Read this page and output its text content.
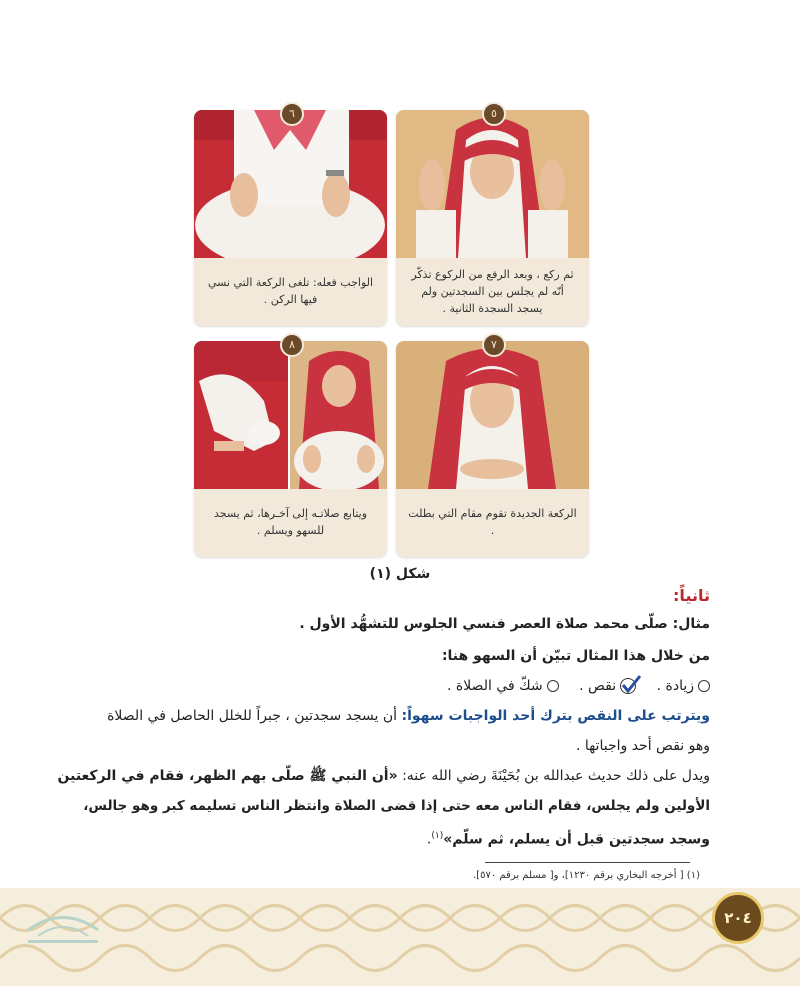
٦
الواجب فعله: تلغى الركعة التي نسي فيها الركن .
٥
ثم ركع ، وبعد الرفع من الركوع تذكّر أنّه لم يجلس بين السجدتين ولم يسجد السجدة الثانية .
٨
ويتابع صلاتـه إلى آخـرها، ثم يسجد للسهو ويسلم .
٧
الركعة الجديدة تقوم مقام التي بطلت .
شكل (١)
ثانياً:
مثال: صلّى محمد صلاة العصر فنسي الجلوس للتشهُّد الأول .
من خلال هذا المثال تبيّن أن السهو هنا:
زيادة .
نقص . شكّ في الصلاة .
ويترتب على النقص بترك أحد الواجبات سهواً: أن يسجد سجدتين ، جبراً للخلل الحاصل في الصلاة
وهو نقص أحد واجباتها .
ويدل على ذلك حديث عبدالله بن بُحَيْنَةَ رضي الله عنه: «أن النبي ﷺ صلّى بهم الظهر، فقام في الركعتين
الأولين ولم يجلس، فقام الناس معه حتى إذا قضى الصلاة وانتظر الناس تسليمه كبر وهو جالس،
وسجد سجدتين قبل أن يسلم، ثم سلّم»$^{(١)}$.
(١) [ أخرجه البخاري برقم ١٢٣٠]، و[ مسلم برقم ٥٧٠].
٢٠٤
